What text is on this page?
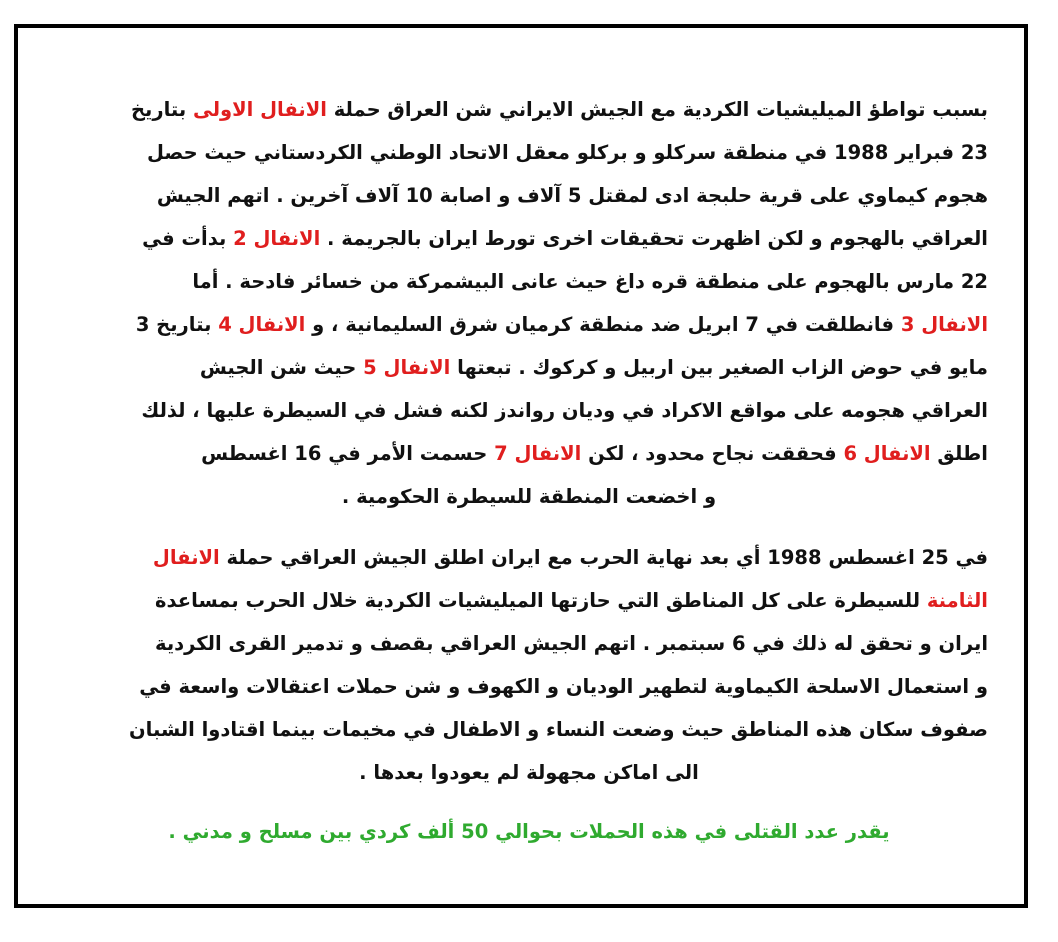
بسبب تواطؤ الميليشيات الكردية مع الجيش الايراني شن العراق حملة الانفال الاولى بتاريخ
23 فبراير 1988 في منطقة سركلو و بركلو معقل الاتحاد الوطني الكردستاني حيث حصل
هجوم كيماوي على قرية حلبجة ادى لمقتل 5 آلاف و اصابة 10 آلاف آخرين . اتهم الجيش
العراقي بالهجوم و لكن اظهرت تحقيقات اخرى تورط ايران بالجريمة . الانفال 2 بدأت في
22 مارس بالهجوم على منطقة قره داغ حيث عانى البيشمركة من خسائر فادحة . أما
الانفال 3 فانطلقت في 7 ابريل ضد منطقة كرميان شرق السليمانية ، و الانفال 4 بتاريخ 3
مايو في حوض الزاب الصغير بين اربيل و كركوك . تبعتها الانفال 5 حيث شن الجيش
العراقي هجومه على مواقع الاكراد في وديان رواندز لكنه فشل في السيطرة عليها ، لذلك
اطلق الانفال 6 فحققت نجاح محدود ، لكن الانفال 7 حسمت الأمر في 16 اغسطس
و اخضعت المنطقة للسيطرة الحكومية .
في 25 اغسطس 1988 أي بعد نهاية الحرب مع ايران اطلق الجيش العراقي حملة الانفال
الثامنة للسيطرة على كل المناطق التي حازتها الميليشيات الكردية خلال الحرب بمساعدة
ايران و تحقق له ذلك في 6 سبتمبر . اتهم الجيش العراقي بقصف و تدمير القرى الكردية
و استعمال الاسلحة الكيماوية لتطهير الوديان و الكهوف و شن حملات اعتقالات واسعة في
صفوف سكان هذه المناطق حيث وضعت النساء و الاطفال في مخيمات بينما اقتادوا الشبان
الى اماكن مجهولة لم يعودوا بعدها .
يقدر عدد القتلى في هذه الحملات بحوالي 50 ألف كردي بين مسلح و مدني .
